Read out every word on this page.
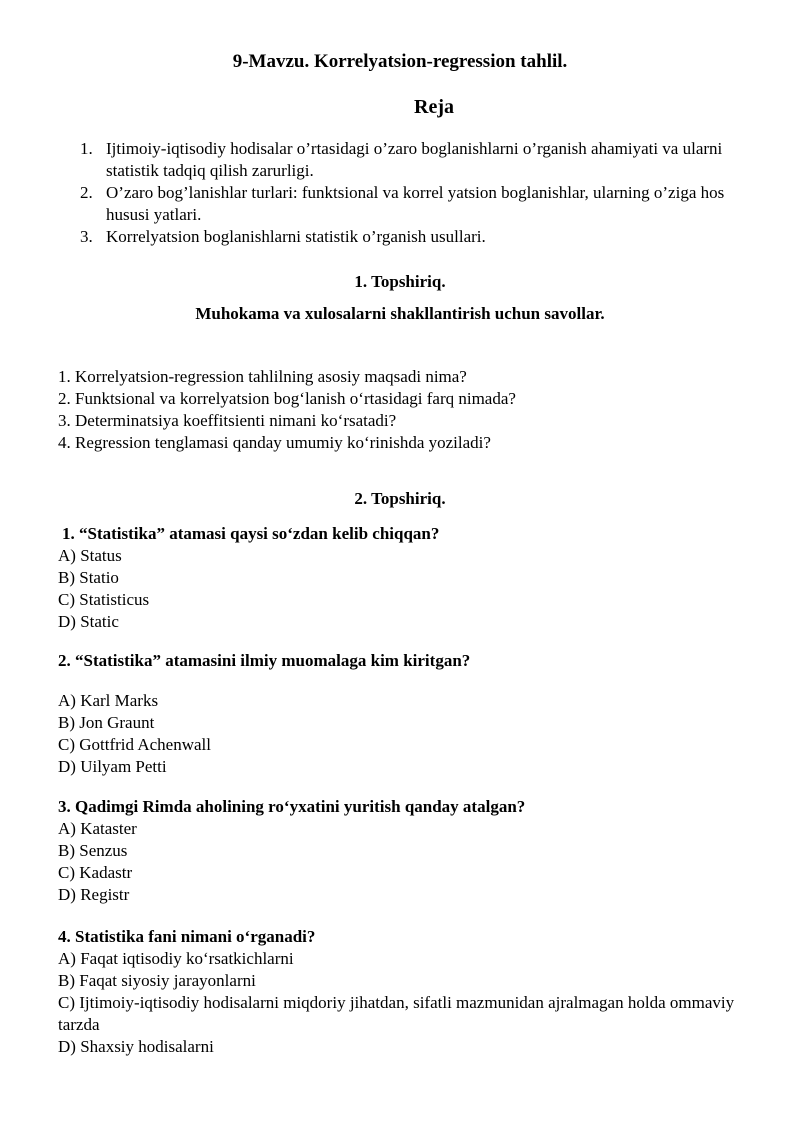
9-Mavzu. Korrelyatsion-regression tahlil.
Reja
1. Ijtimoiy-iqtisodiy hodisalar o’rtasidagi o’zaro boglanishlarni o’rganish ahamiyati va ularni statistik tadqiq qilish zarurligi.
2. O’zaro bog’lanishlar turlari: funktsional va korrel yatsion boglanishlar, ularning o’ziga hos hususi yatlari.
3. Korrelyatsion boglanishlarni statistik o’rganish usullari.
1. Topshiriq.
Muhokama va xulosalarni shakllantirish uchun savollar.
1. Korrelyatsion-regression tahlilning asosiy maqsadi nima?
2. Funktsional va korrelyatsion bog‘lanish o‘rtasidagi farq nimada?
3. Determinatsiya koeffitsienti nimani ko‘rsatadi?
4. Regression tenglamasi qanday umumiy ko‘rinishda yoziladi?
2. Topshiriq.
1. “Statistika” atamasi qaysi so‘zdan kelib chiqqan?
A) Status
B) Statio
C) Statisticus
D) Static
2. “Statistika” atamasini ilmiy muomalaga kim kiritgan?
A) Karl Marks
B) Jon Graunt
C) Gottfrid Achenwall
D) Uilyam Petti
3. Qadimgi Rimda aholining ro‘yxatini yuritish qanday atalgan?
A) Kataster
B) Senzus
C) Kadastr
D) Registr
4. Statistika fani nimani o‘rganadi?
A) Faqat iqtisodiy ko‘rsatkichlarni
B) Faqat siyosiy jarayonlarni
C) Ijtimoiy-iqtisodiy hodisalarni miqdoriy jihatdan, sifatli mazmunidan ajralmagan holda ommaviy tarzda
D) Shaxsiy hodisalarni
